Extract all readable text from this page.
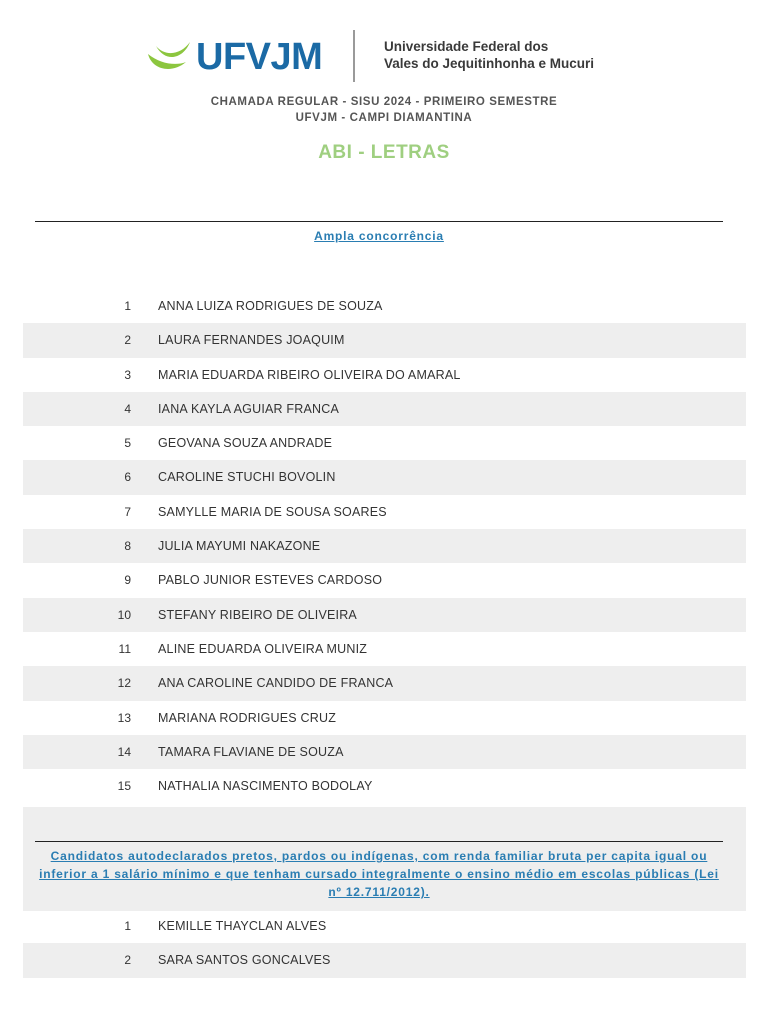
UFVJM	Universidade Federal dos
Vales do Jequitinhonha e Mucuri
CHAMADA REGULAR - SISU 2024 - PRIMEIRO SEMESTRE
UFVJM - CAMPI DIAMANTINA
ABI - LETRAS
Ampla concorrência
1 ANNA LUIZA RODRIGUES DE SOUZA
2 LAURA FERNANDES JOAQUIM
3 MARIA EDUARDA RIBEIRO OLIVEIRA DO AMARAL
4 IANA KAYLA AGUIAR FRANCA
5 GEOVANA SOUZA ANDRADE
6 CAROLINE STUCHI BOVOLIN
7 SAMYLLE MARIA DE SOUSA SOARES
8 JULIA MAYUMI NAKAZONE
9 PABLO JUNIOR ESTEVES CARDOSO
10 STEFANY RIBEIRO DE OLIVEIRA
11 ALINE EDUARDA OLIVEIRA MUNIZ
12 ANA CAROLINE CANDIDO DE FRANCA
13 MARIANA RODRIGUES CRUZ
14 TAMARA FLAVIANE DE SOUZA
15 NATHALIA NASCIMENTO BODOLAY
Candidatos autodeclarados pretos, pardos ou indígenas, com renda familiar bruta per capita igual ou
inferior a 1 salário mínimo e que tenham cursado integralmente o ensino médio em escolas públicas (Lei
nº 12.711/2012).
1 KEMILLE THAYCLAN ALVES
2 SARA SANTOS GONCALVES
